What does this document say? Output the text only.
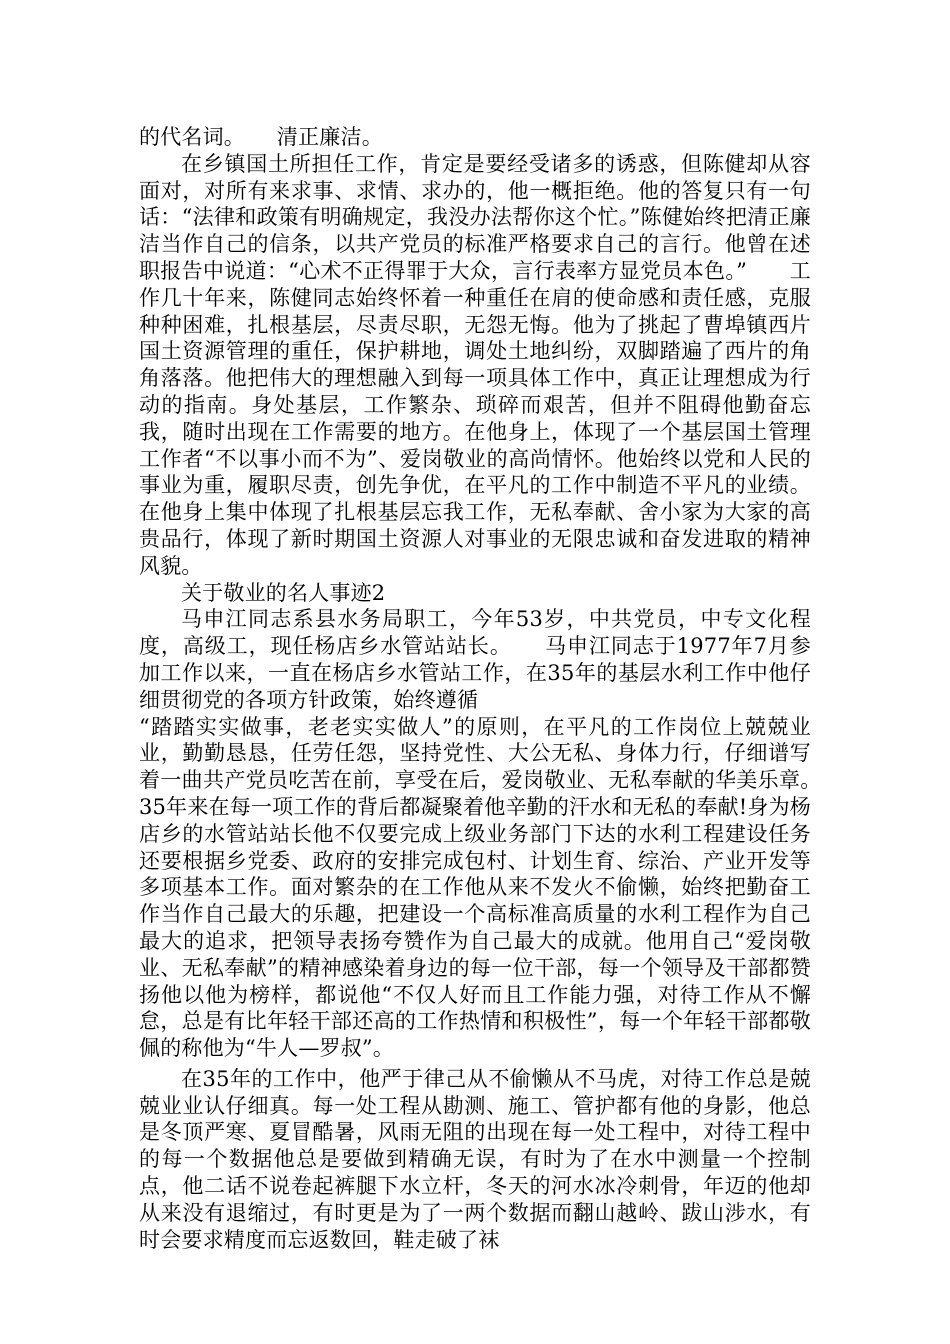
的代名词。　　清正廉洁。

在乡镇国土所担任工作，肯定是要经受诸多的诱惑，但陈健却从容面对，对所有来求事、求情、求办的，他一概拒绝。他的答复只有一句话：“法律和政策有明确规定，我没办法帮你这个忙。”陈健始终把清正廉洁当作自己的信条，以共产党员的标准严格要求自己的言行。他曾在述职报告中说道：“心术不正得罪于大众，言行表率方显党员本色。”　　工作几十年来，陈健同志始终怀着一种重任在肩的使命感和责任感，克服种种困难，扎根基层，尽责尽职，无怨无悔。他为了挑起了曹埠镇西片国土资源管理的重任，保护耕地，调处土地纠纷，双脚踏遍了西片的角角落落。他把伟大的理想融入到每一项具体工作中，真正让理想成为行动的指南。身处基层，工作繁杂、琐碎而艰苦，但并不阻碍他勤奋忘我，随时出现在工作需要的地方。在他身上，体现了一个基层国土管理工作者“不以事小而不为”、爱岗敬业的高尚情怀。他始终以党和人民的事业为重，履职尽责，创先争优，在平凡的工作中制造不平凡的业绩。在他身上集中体现了扎根基层忘我工作，无私奉献、舍小家为大家的高贵品行，体现了新时期国土资源人对事业的无限忠诚和奋发进取的精神风貌。

关于敬业的名人事迹2

马申江同志系县水务局职工，今年53岁，中共党员，中专文化程度，高级工，现任杨店乡水管站站长。　　马申江同志于1977年7月参加工作以来，一直在杨店乡水管站工作，在35年的基层水利工作中他仔细贯彻党的各项方针政策，始终遵循

“踏踏实实做事，老老实实做人”的原则，在平凡的工作岗位上兢兢业业，勤勤恳恳，任劳任怨，坚持党性、大公无私、身体力行，仔细谱写着一曲共产党员吃苦在前，享受在后，爱岗敬业、无私奉献的华美乐章。　　35年来在每一项工作的背后都凝聚着他辛勤的汗水和无私的奉献!身为杨店乡的水管站站长他不仅要完成上级业务部门下达的水利工程建设任务还要根据乡党委、政府的安排完成包村、计划生育、综治、产业开发等多项基本工作。面对繁杂的在工作他从来不发火不偷懒，始终把勤奋工作当作自己最大的乐趣，把建设一个高标准高质量的水利工程作为自己最大的追求，把领导表扬夸赞作为自己最大的成就。他用自己“爱岗敬业、无私奉献”的精神感染着身边的每一位干部，每一个领导及干部都赞扬他以他为榜样，都说他“不仅人好而且工作能力强，对待工作从不懈怠，总是有比年轻干部还高的工作热情和积极性”，每一个年轻干部都敬佩的称他为“牛人—罗叔”。

在35年的工作中，他严于律己从不偷懒从不马虎，对待工作总是兢兢业业认仔细真。每一处工程从勘测、施工、管护都有他的身影，他总是冬顶严寒、夏冒酷暑，风雨无阻的出现在每一处工程中，对待工程中的每一个数据他总是要做到精确无误，有时为了在水中测量一个控制点，他二话不说卷起裤腿下水立杆，冬天的河水冰冷刺骨，年迈的他却从来没有退缩过，有时更是为了一两个数据而翻山越岭、跋山涉水，有时会要求精度而忘返数回，鞋走破了袜
